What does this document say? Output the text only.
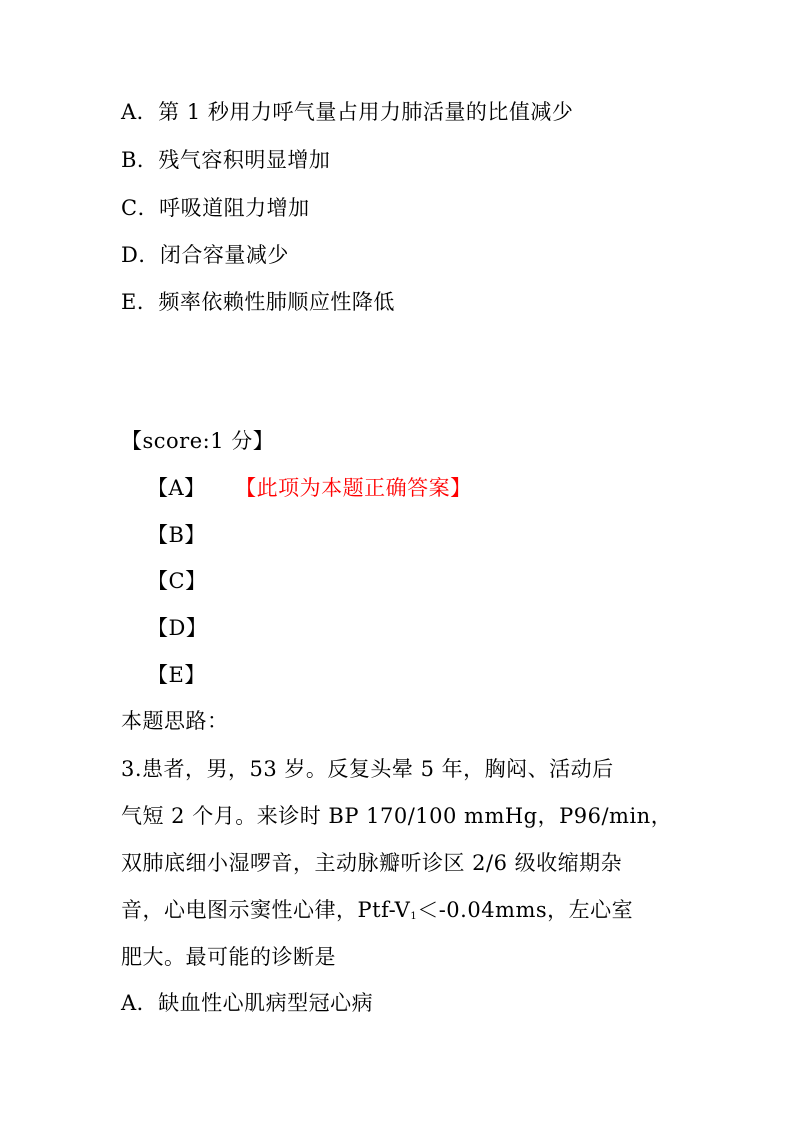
A．第 1 秒用力呼气量占用力肺活量的比值减少
B．残气容积明显增加
C．呼吸道阻力增加
D．闭合容量减少
E．频率依赖性肺顺应性降低
【score:1 分】
【A】 【此项为本题正确答案】
【B】
【C】
【D】
【E】
本题思路：
3.患者，男，53 岁。反复头晕 5 年，胸闷、活动后
气短 2 个月。来诊时 BP 170/100 mmHg，P96/min，
双肺底细小湿啰音，主动脉瓣听诊区 2/6 级收缩期杂
音，心电图示窦性心律，Ptf-$V_1<-0.04mms$，左心室
肥大。最可能的诊断是
A．缺血性心肌病型冠心病
